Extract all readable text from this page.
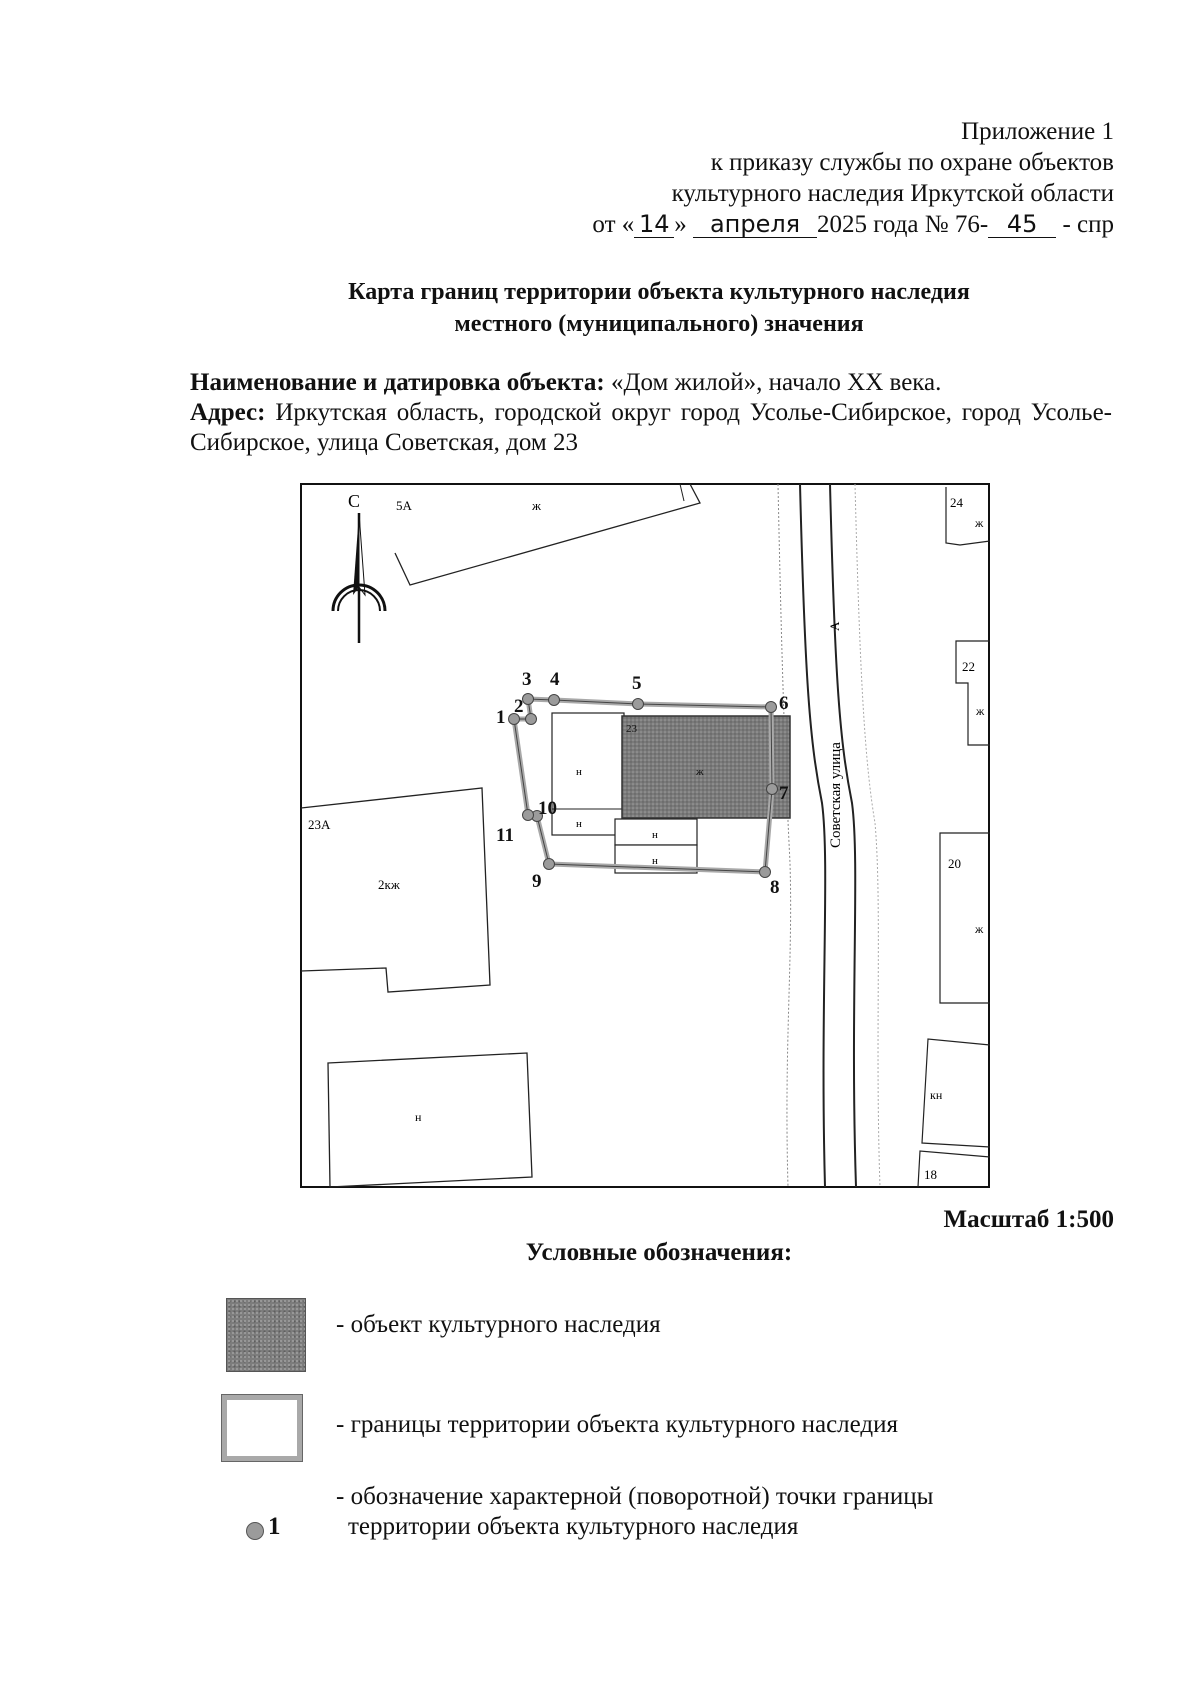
Приложение 1
к приказу службы по охране объектов
культурного наследия Иркутской области
от « 14 » апреля 2025 года № 76- 45 - спр
Карта границ территории объекта культурного наследия
местного (муниципального) значения

Наименование и датировка объекта: «Дом жилой», начало XX века.

Адрес: Иркутская область, городской округ город Усолье-Сибирское, город Усолье-Сибирское, улица Советская, дом 23

5А	ж
С
Советская улица
А
24
ж
22
ж
20
ж
кн
18
23А
2кж
н
н
н
н
н
23
ж
1
2
3 4	5
6
7
8
9
10
11
Масштаб 1:500
Условные обозначения:
- объект культурного наследия
- границы территории объекта культурного наследия
1
- обозначение характерной (поворотной) точки границы
территории объекта культурного наследия
